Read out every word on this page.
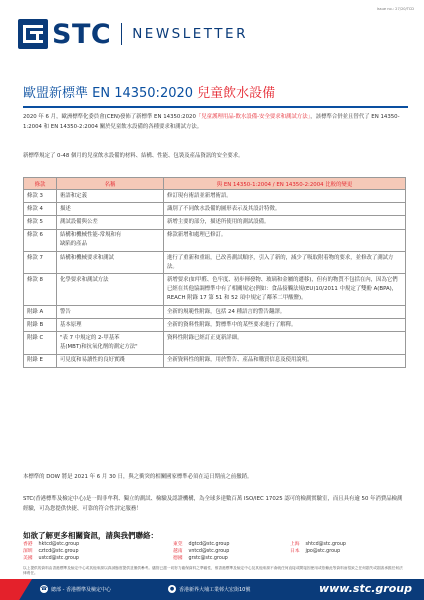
Issue no.: 27/20/TCD
STC NEWSLETTER
歐盟新標準 EN 14350:2020 兒童飲水設備
2020 年 6 月，歐洲標準化委員會(CEN)發佈了新標準 EN 14350:2020「兒童護理用品-飲水設備-安全要求和測試方法」，該標準合併並且替代了 EN 14350-1:2004 和 EN 14350-2:2004 關於兒童飲水設備的各種要求和測試方法。
新標準規定了 0-48 個月的兒童飲水設備的材料、結構、性能、包裝及產品資訊的安全要求。
條款	名稱	與 EN 14350-1:2004 / EN 14350-2:2004 比較的變更
條款 3	術語和定義	修訂現有術語並新增術語。
條款 4	描述	識別了不同飲水設備的圖形表示及其設計特徵。
條款 5	測試設備與公差	新增主要的部分，描述所使用的測試設備。
條款 6	結構和機械性能-常規和有
缺陷的產品	條款新增和處理已修訂。
條款 7	結構和機械要求和測試	進行了重新和重組，已改善測試順序，引入了新的，減少了吸取附着物的要求，並修改了測試方法。
條款 8	化學要求和測試方法	新增要求(如甲醛、色牢度、初步揮發物、玻璃和金屬的遷移)，但有的物質不包括在內，因為它們已經在其他協調標準中有了相關規定(例如：食品接觸法規(EU)10/2011 中規定了雙酚 A(BPA)，REACH 附錄 17 第 51 和 52 項中規定了鄰苯二甲酸鹽)。
附錄 A	警告	全新的規範性附錄，包括 24 種語言的警告翻譯。
附錄 B	基本原理	全新的資料性附錄，對標準中的某些要求進行了解釋。
附錄 C	"表 7 中規定的 2-甲基苯
基(MBT)和抗氧化劑的測定方法"	資料性附錄已經訂正更新詳細。
附錄 E	可見度和易讀性的良好實踐	全新資料性的附錄，用於警告、產品和購買信息及使用說明。
本標準的 DOW 將是 2021 年 6 月 30 日，與之衝突的相關國家標準必須在這日期前之前撤銷。
STC(香港標準及檢定中心)是一間非牟利、獨立的測試、檢驗及認證機構，為全球多達數百萬 ISO/IEC 17025 認可的檢測實驗室，而且具有逾 50 年消費品檢測經驗，可為您提供快捷、可靠的符合性評定服務！
如欲了解更多相關資訊，請與我們聯絡：
香港 hktcd@stc.group
深圳 cztcd@stc.group
美國 ustcd@stc.group
東莞 dgtcd@stc.group
越南 vntcd@stc.group
德國 grstc@stc.group
上海 shtcd@stc.group
日本 jpo@stc.group
以上提供的資料由香港標準及檢定中心或其他來源以真誠態度提供並僅供參考。儘管已盡一切努力確保資料之準確性，惟香港標準及檢定中心及其他來源不會就任何直接或間接因使用或依賴此等資料而招致之任何損失或損害承擔任何法律責任。
☎ 總部 - 香港標準及檢定中心	● 香港新界大埔工業邨大宏街10號	www.stc.group
